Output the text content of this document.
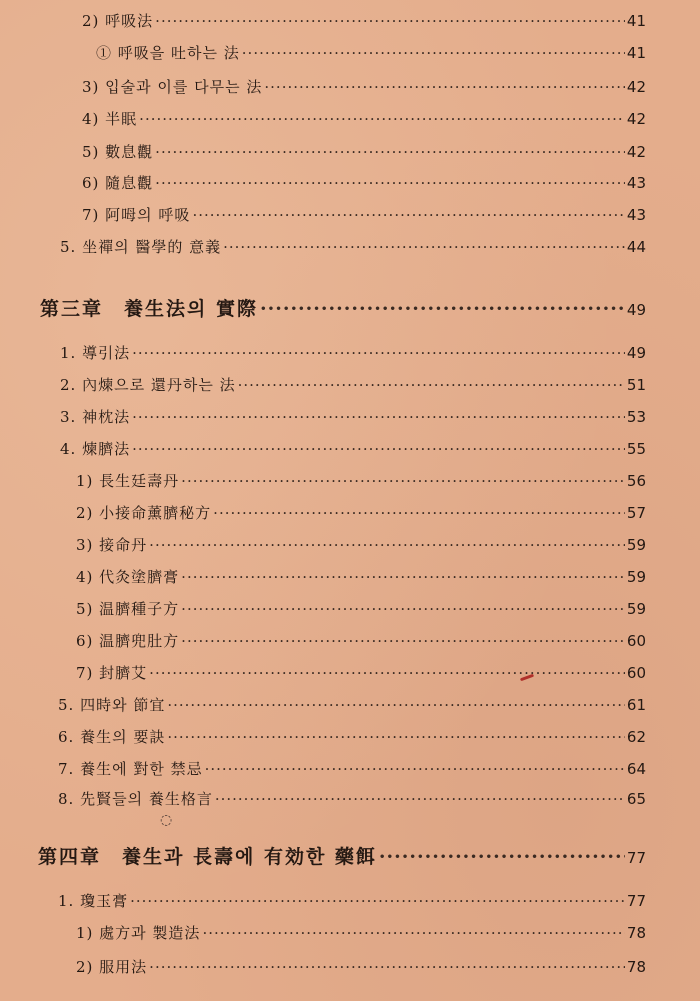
2) 呼吸法 ·····	41
① 呼吸을 吐하는 法 ·····	41
3) 입술과 이를 다무는 法 ·····	42
4) 半眠 ·····	42
5) 數息觀 ·····	42
6) 隨息觀 ·····	43
7) 阿呣의 呼吸 ·····	43
5. 坐禪의 醫學的 意義 ·····	44
第三章　養生法의 實際 ·····	49
1. 導引法 ·····	49
2. 內煉으로 還丹하는 法 ·····	51
3. 神枕法 ·····	53
4. 煉臍法 ·····	55
1) 長生廷壽丹 ·····	56
2) 小接命薰臍秘方 ·····	57
3) 接命丹 ·····	59
4) 代灸塗臍膏 ·····	59
5) 温臍種子方 ·····	59
6) 温臍兜肚方 ·····	60
7) 封臍艾 ·····	60
5. 四時와 節宜 ·····	61
6. 養生의 要訣 ·····	62
7. 養生에 對한 禁忌 ·····	64
8. 先賢들의 養生格言 ·····	65
第四章　養生과 長壽에 有効한 藥餌 ·····	77
1. 瓊玉膏 ·····	77
1) 處方과 製造法 ·····	78
2) 服用法 ·····	78
◌
